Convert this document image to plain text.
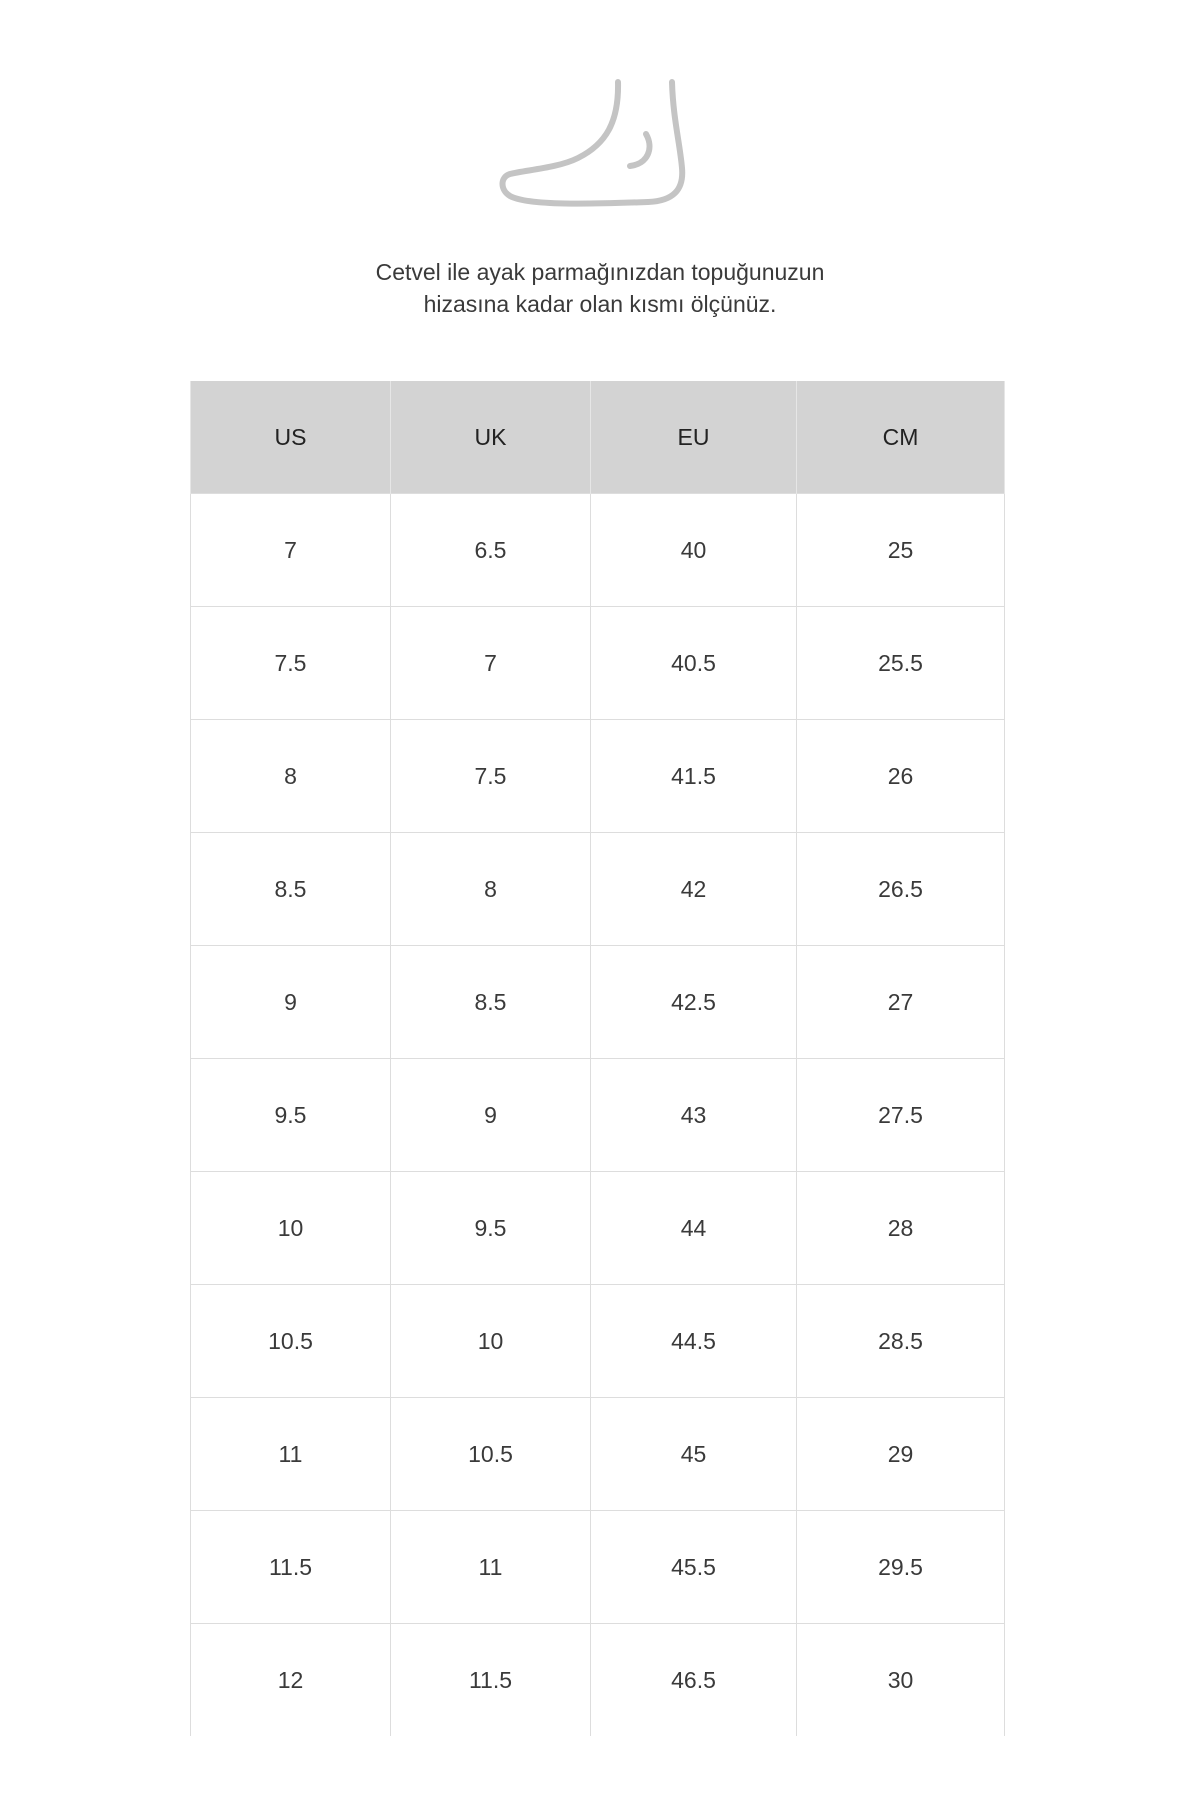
Cetvel ile ayak parmağınızdan topuğunuzun
hizasına kadar olan kısmı ölçünüz.
US	UK	EU	CM
7	6.5	40	25
7.5	7	40.5	25.5
8	7.5	41.5	26
8.5	8	42	26.5
9	8.5	42.5	27
9.5	9	43	27.5
10	9.5	44	28
10.5	10	44.5	28.5
11	10.5	45	29
11.5	11	45.5	29.5
12	11.5	46.5	30
